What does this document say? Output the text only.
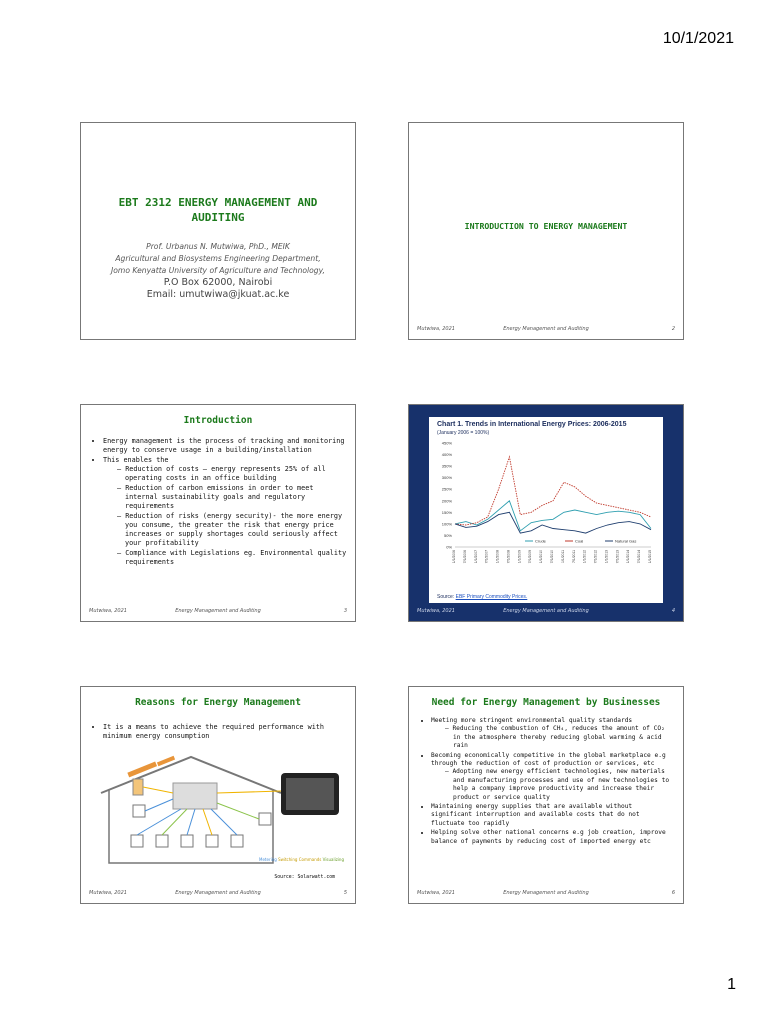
10/1/2021
EBT 2312 ENERGY MANAGEMENT AND AUDITING
Prof. Urbanus N. Mutwiwa, PhD., MEIK
Agricultural and Biosystems Engineering Department,
Jomo Kenyatta University of Agriculture and Technology,
P.O Box 62000, Nairobi
Email: umutwiwa@jkuat.ac.ke
INTRODUCTION TO ENERGY MANAGEMENT
Mutwiwa, 2021	Energy Management and Auditing	2
Introduction
• Energy management is the process of tracking and monitoring energy to conserve usage in a building/installation
• This enables the
– Reduction of costs – energy represents 25% of all operating costs in an office building
– Reduction of carbon emissions in order to meet internal sustainability goals and regulatory requirements
– Reduction of risks (energy security)- the more energy you consume, the greater the risk that energy price increases or supply shortages could seriously affect your profitability
– Compliance with Legislations eg. Environmental quality requirements
Mutwiwa, 2021	Energy Management and Auditing	3
Chart 1. Trends in International Energy Prices: 2006-2015
(January 2006 = 100%)
450%
400%
350%
300%
250%
200%
150%
100%
50%
0%
1/1/2006 7/1/2006 1/1/2007 7/1/2007 1/1/2008 7/1/2008 1/1/2009 7/1/2009 1/1/2010 7/1/2010 1/1/2011 7/1/2011 1/1/2012 7/1/2012 1/1/2013 7/1/2013 1/1/2014 7/1/2014 1/1/2015
Crude	Coal	Natural Gas
Source: EBF Primary Commodity Prices.
Mutwiwa, 2021	Energy Management and Auditing	4
Reasons for Energy Management
• It is a means to achieve the required performance with minimum energy consumption
Metering Switching Commands Visualizing
Source: Solarwatt.com
Mutwiwa, 2021	Energy Management and Auditing	5
Need for Energy Management by Businesses
• Meeting more stringent environmental quality standards
– Reducing the combustion of CH₄, reduces the amount of CO₂ in the atmosphere thereby reducing global warming & acid rain
• Becoming economically competitive in the global marketplace e.g through the reduction of cost of production or services, etc
– Adopting new energy efficient technologies, new materials and manufacturing processes and use of new technologies to help a company improve productivity and increase their product or service quality
• Maintaining energy supplies that are available without significant interruption and available costs that do not fluctuate too rapidly
• Helping solve other national concerns e.g job creation, improve balance of payments by reducing cost of imported energy etc
Mutwiwa, 2021	Energy Management and Auditing	6
1
